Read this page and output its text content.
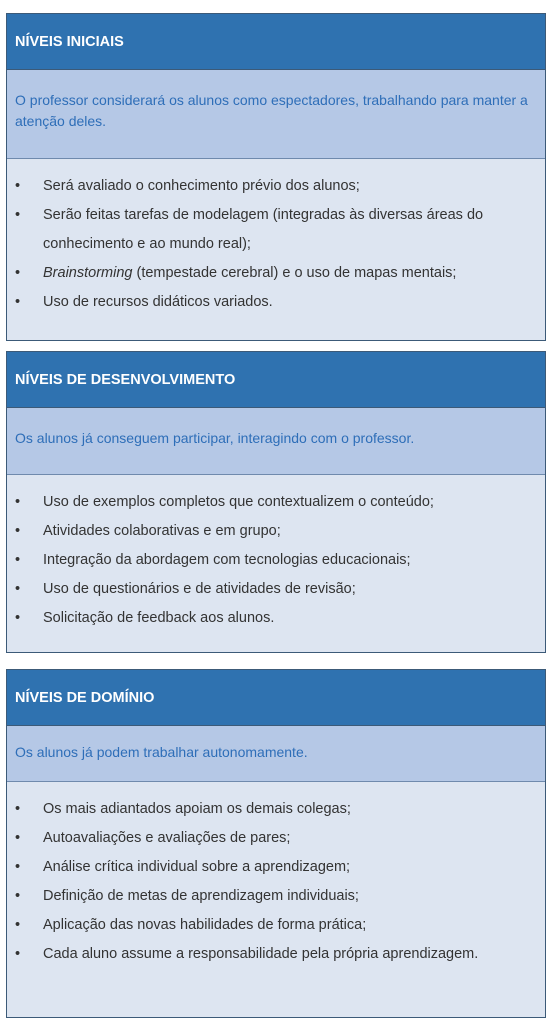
NÍVEIS INICIAIS
O professor considerará os alunos como espectadores, trabalhando para manter a atenção deles.
• Será avaliado o conhecimento prévio dos alunos;
• Serão feitas tarefas de modelagem (integradas às diversas áreas do conhecimento e ao mundo real);
• Brainstorming (tempestade cerebral) e o uso de mapas mentais;
• Uso de recursos didáticos variados.
NÍVEIS DE DESENVOLVIMENTO
Os alunos já conseguem participar, interagindo com o professor.
• Uso de exemplos completos que contextualizem o conteúdo;
• Atividades colaborativas e em grupo;
• Integração da abordagem com tecnologias educacionais;
• Uso de questionários e de atividades de revisão;
• Solicitação de feedback aos alunos.
NÍVEIS DE DOMÍNIO
Os alunos já podem trabalhar autonomamente.
• Os mais adiantados apoiam os demais colegas;
• Autoavaliações e avaliações de pares;
• Análise crítica individual sobre a aprendizagem;
• Definição de metas de aprendizagem individuais;
• Aplicação das novas habilidades de forma prática;
• Cada aluno assume a responsabilidade pela própria aprendizagem.
